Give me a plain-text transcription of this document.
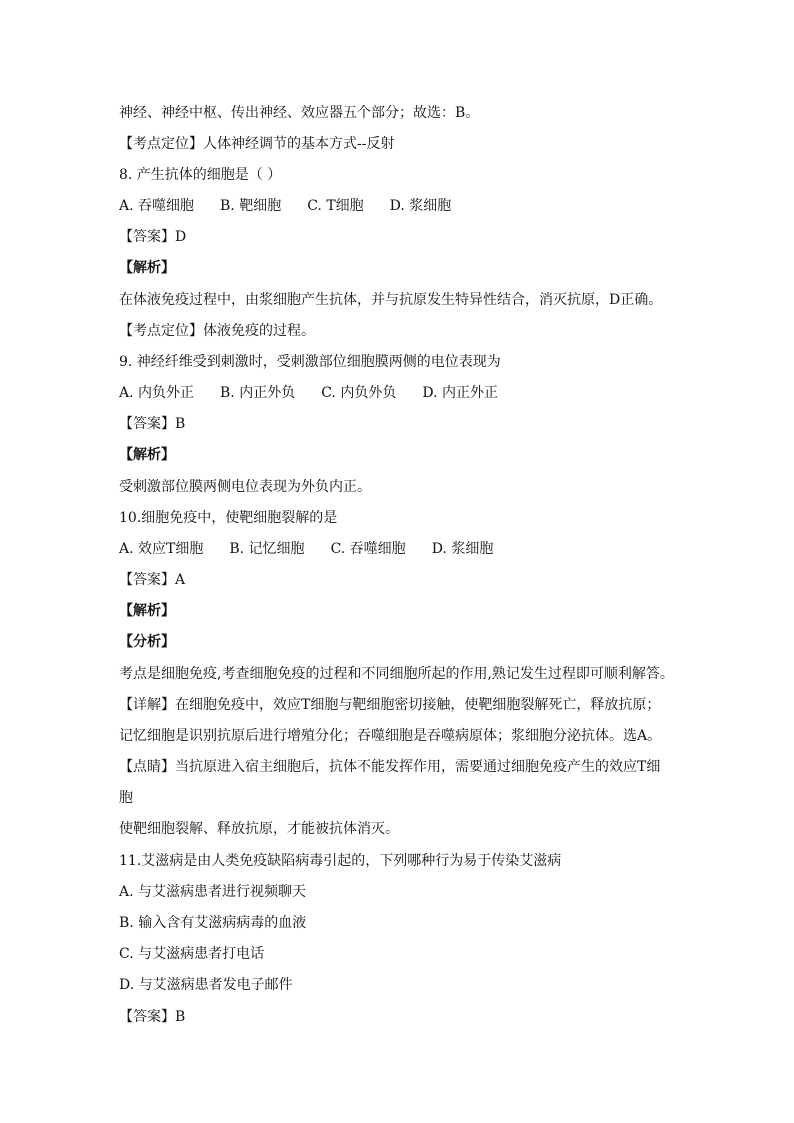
神经、神经中枢、传出神经、效应器五个部分；故选：B。
【考点定位】人体神经调节的基本方式--反射
8. 产生抗体的细胞是（ ）
A. 吞噬细胞 B. 靶细胞 C. T细胞 D. 浆细胞
【答案】D
【解析】
在体液免疫过程中，由浆细胞产生抗体，并与抗原发生特异性结合，消灭抗原，D正确。
【考点定位】体液免疫的过程。
9. 神经纤维受到刺激时，受刺激部位细胞膜两侧的电位表现为
A. 内负外正 B. 内正外负 C. 内负外负 D. 内正外正
【答案】B
【解析】
受刺激部位膜两侧电位表现为外负内正。
10.细胞免疫中，使靶细胞裂解的是
A. 效应T细胞 B. 记忆细胞 C. 吞噬细胞 D. 浆细胞
【答案】A
【解析】
【分析】
考点是细胞免疫,考查细胞免疫的过程和不同细胞所起的作用,熟记发生过程即可顺利解答。
【详解】在细胞免疫中，效应T细胞与靶细胞密切接触，使靶细胞裂解死亡，释放抗原；
记忆细胞是识别抗原后进行增殖分化；吞噬细胞是吞噬病原体；浆细胞分泌抗体。选A。
【点睛】当抗原进入宿主细胞后，抗体不能发挥作用，需要通过细胞免疫产生的效应T细
胞
使靶细胞裂解、释放抗原，才能被抗体消灭。
11.艾滋病是由人类免疫缺陷病毒引起的，下列哪种行为易于传染艾滋病
A. 与艾滋病患者进行视频聊天
B. 输入含有艾滋病病毒的血液
C. 与艾滋病患者打电话
D. 与艾滋病患者发电子邮件
【答案】B
